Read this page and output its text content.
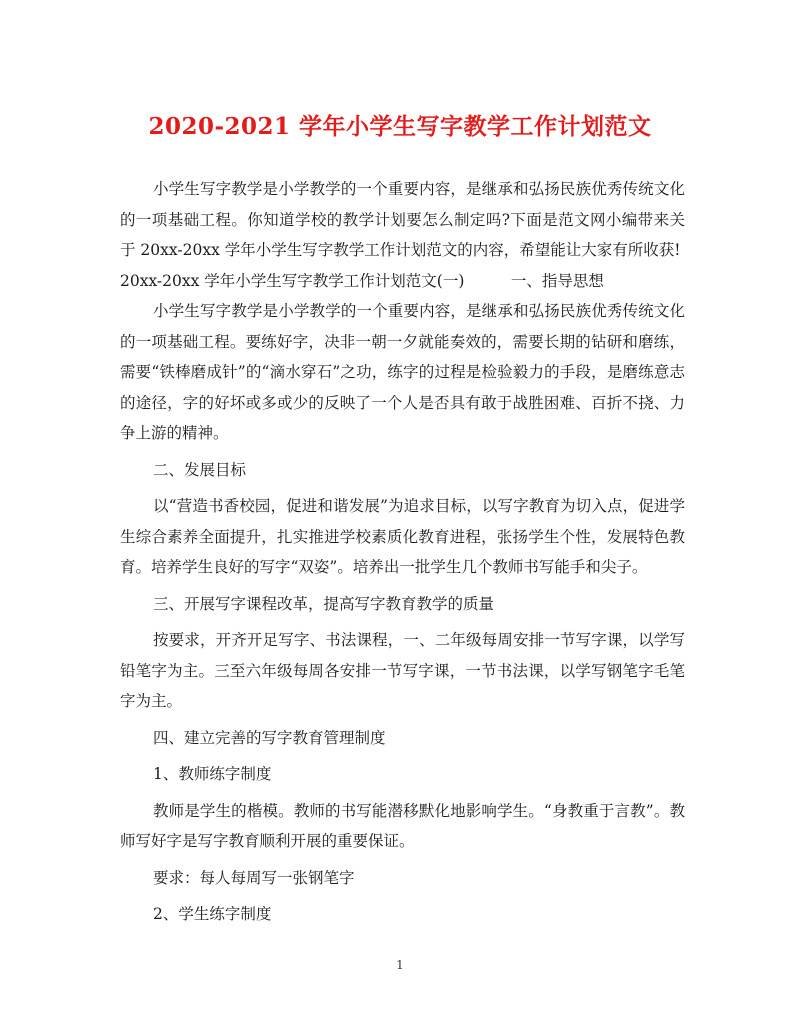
2020-2021 学年小学生写字教学工作计划范文

小学生写字教学是小学教学的一个重要内容，是继承和弘扬民族优秀传统文化的一项基础工程。你知道学校的教学计划要怎么制定吗?下面是范文网小编带来关于 20xx-20xx 学年小学生写字教学工作计划范文的内容，希望能让大家有所收获!

20xx-20xx 学年小学生写字教学工作计划范文(一)　　　一、指导思想

小学生写字教学是小学教学的一个重要内容，是继承和弘扬民族优秀传统文化的一项基础工程。要练好字，决非一朝一夕就能奏效的，需要长期的钻研和磨练，需要“铁棒磨成针”的“滴水穿石”之功，练字的过程是检验毅力的手段，是磨练意志的途径，字的好坏或多或少的反映了一个人是否具有敢于战胜困难、百折不挠、力争上游的精神。

二、发展目标

以“营造书香校园，促进和谐发展”为追求目标，以写字教育为切入点，促进学生综合素养全面提升，扎实推进学校素质化教育进程，张扬学生个性，发展特色教育。培养学生良好的写字“双姿”。培养出一批学生几个教师书写能手和尖子。

三、开展写字课程改革，提高写字教育教学的质量

按要求，开齐开足写字、书法课程，一、二年级每周安排一节写字课，以学写铅笔字为主。三至六年级每周各安排一节写字课，一节书法课，以学写钢笔字毛笔字为主。

四、建立完善的写字教育管理制度

1、教师练字制度

教师是学生的楷模。教师的书写能潜移默化地影响学生。“身教重于言教”。教师写好字是写字教育顺利开展的重要保证。

要求：每人每周写一张钢笔字

2、学生练字制度

1
